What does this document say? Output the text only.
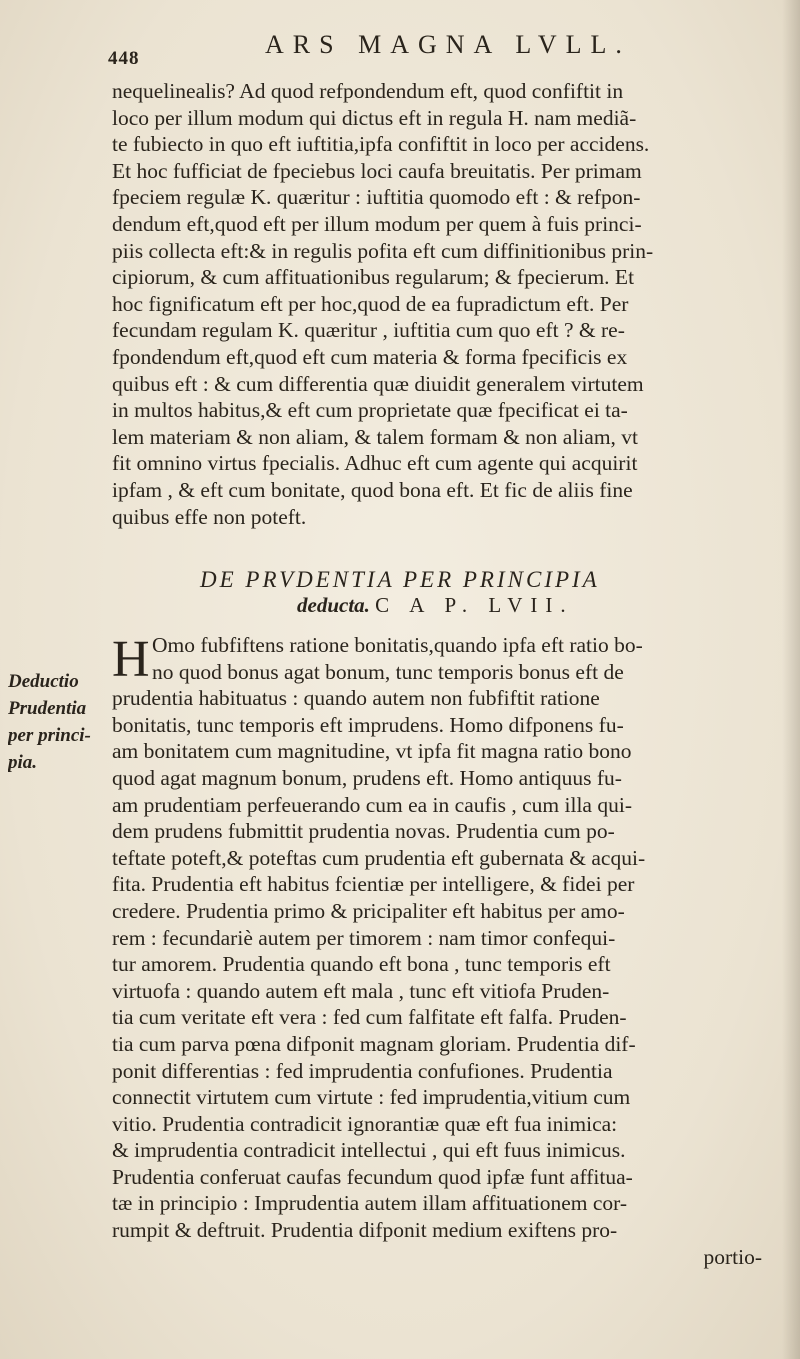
448	ARS MAGNA LVLL.
nequelinealis? Ad quod refpondendum eft, quod confiftit in
loco per illum modum qui dictus eft in regula H. nam mediã-
te fubiecto in quo eft iuftitia,ipfa confiftit in loco per accidens.
Et hoc fufficiat de fpeciebus loci caufa breuitatis. Per primam
fpeciem regulæ K. quæritur : iuftitia quomodo eft : & refpon-
dendum eft,quod eft per illum modum per quem à fuis princi-
piis collecta eft:& in regulis pofita eft cum diffinitionibus prin-
cipiorum, & cum affituationibus regularum; & fpecierum. Et
hoc fignificatum eft per hoc,quod de ea fupradictum eft. Per
fecundam regulam K. quæritur , iuftitia cum quo eft ? & re-
fpondendum eft,quod eft cum materia & forma fpecificis ex
quibus eft : & cum differentia quæ diuidit generalem virtutem
in multos habitus,& eft cum proprietate quæ fpecificat ei ta-
lem materiam & non aliam, & talem formam & non aliam, vt
fit omnino virtus fpecialis. Adhuc eft cum agente qui acquirit
ipfam , & eft cum bonitate, quod bona eft. Et fic de aliis fine
quibus effe non poteft.
DE PRVDENTIA PER PRINCIPIA
deducta. C A P. LVII.
H Omo fubfiftens ratione bonitatis,quando ipfa eft ratio bo-
no quod bonus agat bonum, tunc temporis bonus eft de
prudentia habituatus : quando autem non fubfiftit ratione
bonitatis, tunc temporis eft imprudens. Homo difponens fu-
am bonitatem cum magnitudine, vt ipfa fit magna ratio bono
quod agat magnum bonum, prudens eft. Homo antiquus fu-
am prudentiam perfeuerando cum ea in caufis , cum illa qui-
dem prudens fubmittit prudentia novas. Prudentia cum po-
teftate poteft,& poteftas cum prudentia eft gubernata & acqui-
fita. Prudentia eft habitus fcientiæ per intelligere, & fidei per
credere. Prudentia primo & pricipaliter eft habitus per amo-
rem : fecundariè autem per timorem : nam timor confequi-
tur amorem. Prudentia quando eft bona , tunc temporis eft
virtuofa : quando autem eft mala , tunc eft vitiofa Pruden-
tia cum veritate eft vera : fed cum falfitate eft falfa. Pruden-
tia cum parva pœna difponit magnam gloriam. Prudentia dif-
ponit differentias : fed imprudentia confufiones. Prudentia
connectit virtutem cum virtute : fed imprudentia,vitium cum
vitio. Prudentia contradicit ignorantiæ quæ eft fua inimica:
& imprudentia contradicit intellectui , qui eft fuus inimicus.
Prudentia conferuat caufas fecundum quod ipfæ funt affitua-
tæ in principio : Imprudentia autem illam affituationem cor-
rumpit & deftruit. Prudentia difponit medium exiftens pro-
portio-
Deductio
Prudentia
per princi-
pia.
